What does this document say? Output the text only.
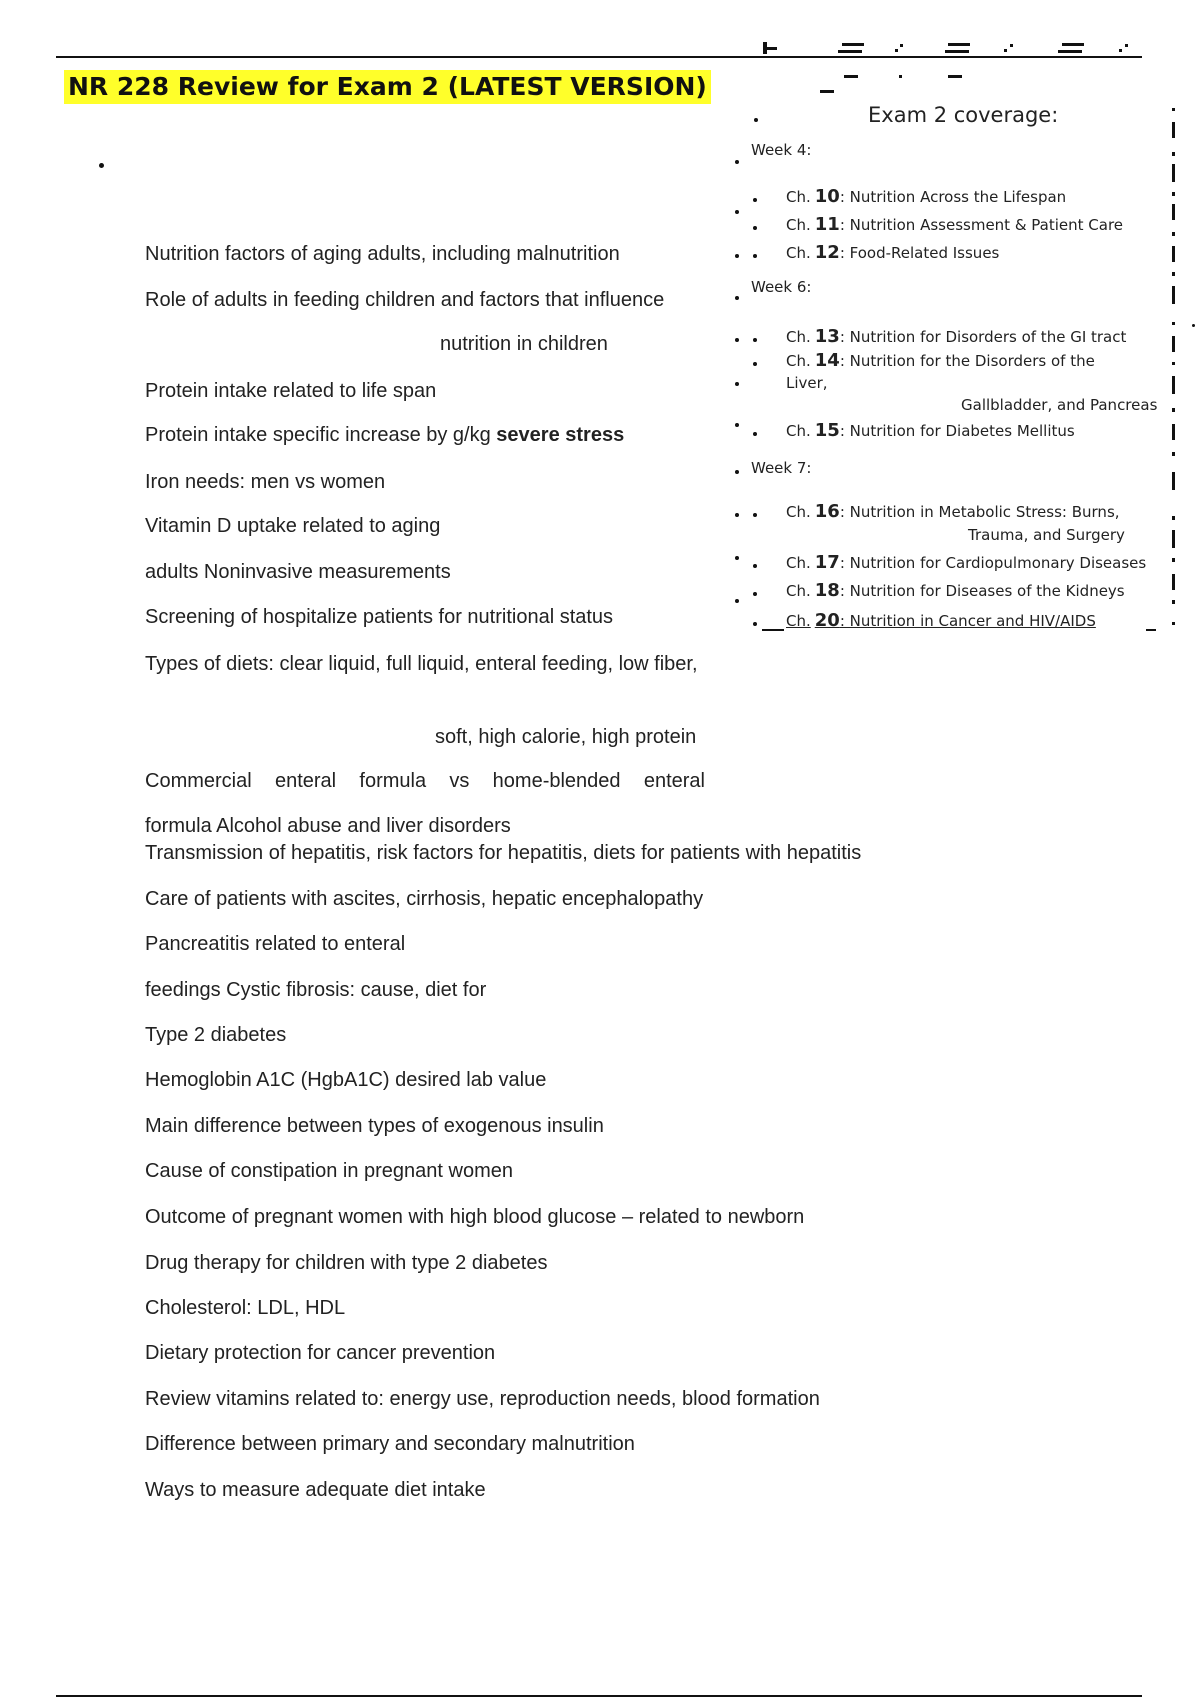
NR 228 Review for Exam 2 (LATEST VERSION)
Nutrition factors of aging adults, including malnutrition
Role of adults in feeding children and factors that influence
nutrition in children
Protein intake related to life span
Protein intake specific increase by g/kg severe stress
Iron needs: men vs women
Vitamin D uptake related to aging
adults Noninvasive measurements
Screening of hospitalize patients for nutritional status
Types of diets: clear liquid, full liquid, enteral feeding, low fiber,
soft, high calorie, high protein
Commercial enteral formula vs home-blended enteral
formula Alcohol abuse and liver disorders
Transmission of hepatitis, risk factors for hepatitis, diets for patients with hepatitis
Care of patients with ascites, cirrhosis, hepatic encephalopathy
Pancreatitis related to enteral
feedings Cystic fibrosis: cause, diet for
Type 2 diabetes
Hemoglobin A1C (HgbA1C) desired lab value
Main difference between types of exogenous insulin
Cause of constipation in pregnant women
Outcome of pregnant women with high blood glucose – related to newborn
Drug therapy for children with type 2 diabetes
Cholesterol: LDL, HDL
Dietary protection for cancer prevention
Review vitamins related to: energy use, reproduction needs, blood formation
Difference between primary and secondary malnutrition
Ways to measure adequate diet intake
Exam 2 coverage:
Week 4:
Ch. 10: Nutrition Across the Lifespan
Ch. 11: Nutrition Assessment & Patient Care
Ch. 12: Food-Related Issues
Week 6:
Ch. 13: Nutrition for Disorders of the GI tract
Ch. 14: Nutrition for the Disorders of the
Liver,
Gallbladder, and Pancreas
Ch. 15: Nutrition for Diabetes Mellitus
Week 7:
Ch. 16: Nutrition in Metabolic Stress: Burns,
Trauma, and Surgery
Ch. 17: Nutrition for Cardiopulmonary Diseases
Ch. 18: Nutrition for Diseases of the Kidneys
Ch. 20: Nutrition in Cancer and HIV/AIDS
